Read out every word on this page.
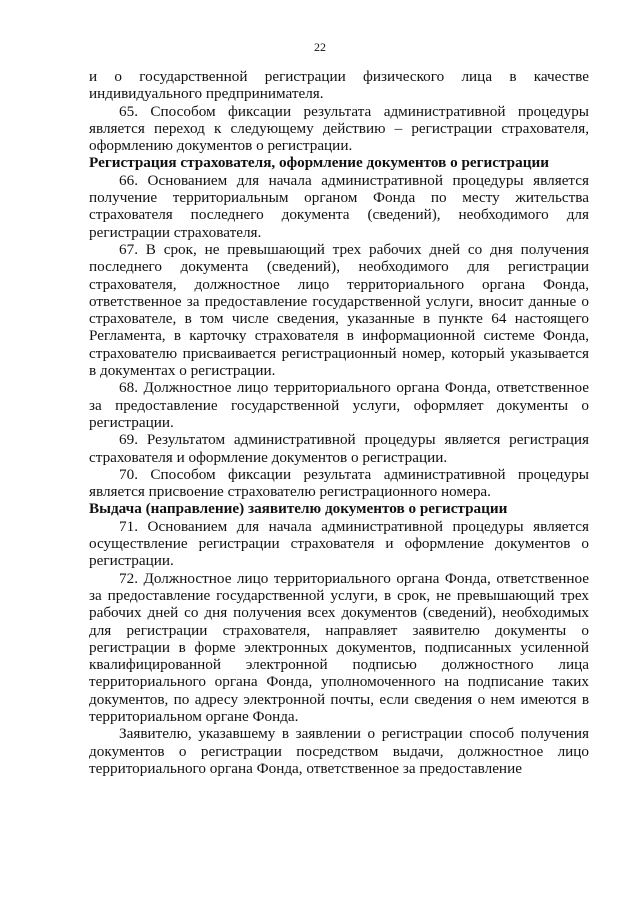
22

и о государственной регистрации физического лица в качестве индивидуального предпринимателя.

65. Способом фиксации результата административной процедуры является переход к следующему действию – регистрации страхователя, оформлению документов о регистрации.

Регистрация страхователя, оформление документов о регистрации

66. Основанием для начала административной процедуры является получение территориальным органом Фонда по месту жительства страхователя последнего документа (сведений), необходимого для регистрации страхователя.

67. В срок, не превышающий трех рабочих дней со дня получения последнего документа (сведений), необходимого для регистрации страхователя, должностное лицо территориального органа Фонда, ответственное за предоставление государственной услуги, вносит данные о страхователе, в том числе сведения, указанные в пункте 64 настоящего Регламента, в карточку страхователя в информационной системе Фонда, страхователю присваивается регистрационный номер, который указывается в документах о регистрации.

68. Должностное лицо территориального органа Фонда, ответственное за предоставление государственной услуги, оформляет документы о регистрации.

69. Результатом административной процедуры является регистрация страхователя и оформление документов о регистрации.

70. Способом фиксации результата административной процедуры является присвоение страхователю регистрационного номера.

Выдача (направление) заявителю документов о регистрации

71. Основанием для начала административной процедуры является осуществление регистрации страхователя и оформление документов о регистрации.

72. Должностное лицо территориального органа Фонда, ответственное за предоставление государственной услуги, в срок, не превышающий трех рабочих дней со дня получения всех документов (сведений), необходимых для регистрации страхователя, направляет заявителю документы о регистрации в форме электронных документов, подписанных усиленной квалифицированной электронной подписью должностного лица территориального органа Фонда, уполномоченного на подписание таких документов, по адресу электронной почты, если сведения о нем имеются в территориальном органе Фонда.

Заявителю, указавшему в заявлении о регистрации способ получения документов о регистрации посредством выдачи, должностное лицо территориального органа Фонда, ответственное за предоставление
